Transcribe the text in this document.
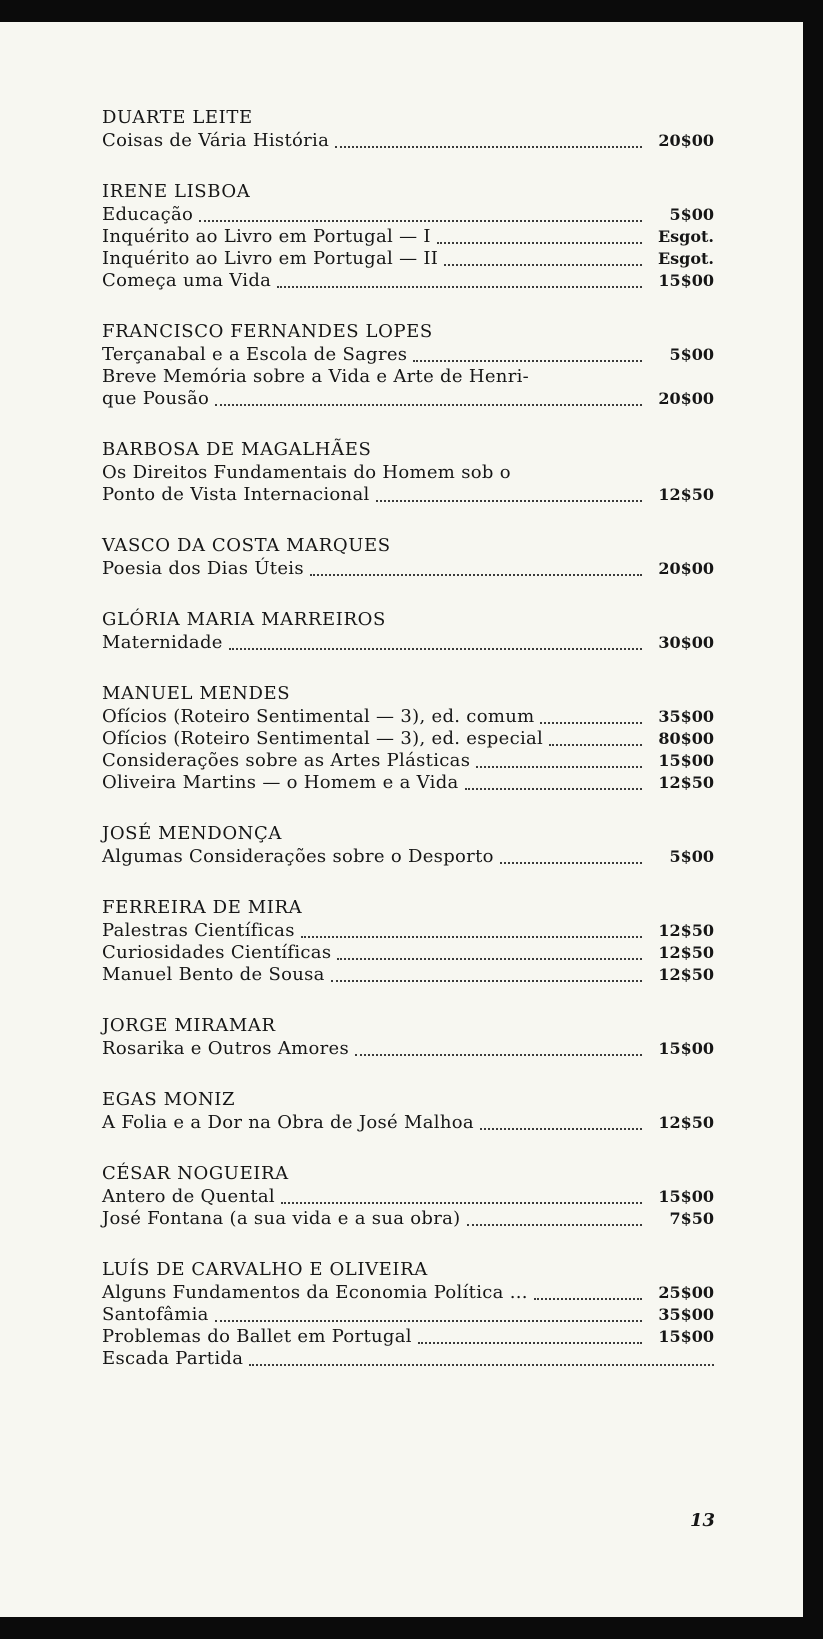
DUARTE LEITE
Coisas de Vária História	20$00
IRENE LISBOA
Educação	5$00
Inquérito ao Livro em Portugal — I	Esgot.
Inquérito ao Livro em Portugal — II	Esgot.
Começa uma Vida	15$00
FRANCISCO FERNANDES LOPES
Terçanabal e a Escola de Sagres	5$00
Breve Memória sobre a Vida e Arte de Henri-
que Pousão	20$00
BARBOSA DE MAGALHÃES
Os Direitos Fundamentais do Homem sob o
Ponto de Vista Internacional	12$50
VASCO DA COSTA MARQUES
Poesia dos Dias Úteis	20$00
GLÓRIA MARIA MARREIROS
Maternidade	30$00
MANUEL MENDES
Ofícios (Roteiro Sentimental — 3), ed. comum	35$00
Ofícios (Roteiro Sentimental — 3), ed. especial	80$00
Considerações sobre as Artes Plásticas	15$00
Oliveira Martins — o Homem e a Vida	12$50
JOSÉ MENDONÇA
Algumas Considerações sobre o Desporto	5$00
FERREIRA DE MIRA
Palestras Científicas	12$50
Curiosidades Científicas	12$50
Manuel Bento de Sousa	12$50
JORGE MIRAMAR
Rosarika e Outros Amores	15$00
EGAS MONIZ
A Folia e a Dor na Obra de José Malhoa	12$50
CÉSAR NOGUEIRA
Antero de Quental	15$00
José Fontana (a sua vida e a sua obra)	7$50
LUÍS DE CARVALHO E OLIVEIRA
Alguns Fundamentos da Economia Política ...	25$00
Santofâmia	35$00
Problemas do Ballet em Portugal	15$00
Escada Partida
13
